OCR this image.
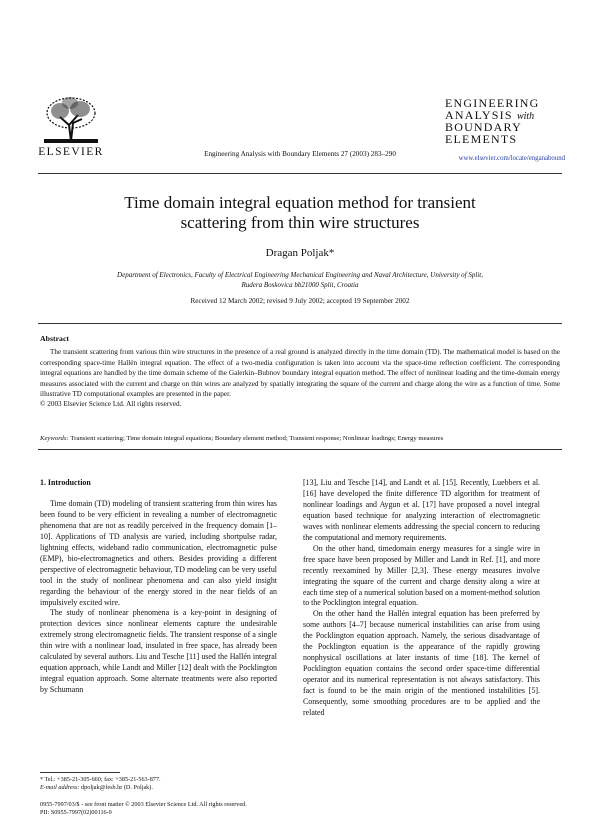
ELSEVIER	Engineering Analysis with Boundary Elements 27 (2003) 283–290
ENGINEERING
ANALYSIS with
BOUNDARY
ELEMENTS
www.elsevier.com/locate/enganabound
Time domain integral equation method for transient
scattering from thin wire structures
Dragan Poljak*
Department of Electronics, Faculty of Electrical Engineering Mechanical Engineering and Naval Architecture, University of Split,
Rudera Boskovica bb21000 Split, Croatia
Received 12 March 2002; revised 9 July 2002; accepted 19 September 2002
Abstract

The transient scattering from various thin wire structures in the presence of a real ground is analyzed directly in the time domain (TD). The mathematical model is based on the corresponding space-time Hallén integral equation. The effect of a two-media configuration is taken into account via the space-time reflection coefficient. The corresponding integral equations are handled by the time domain scheme of the Galerkin–Bubnov boundary integral equation method. The effect of nonlinear loading and the time-domain energy measures associated with the current and charge on thin wires are analyzed by spatially integrating the square of the current and charge along the wire as a function of time. Some illustrative TD computational examples are presented in the paper.

© 2003 Elsevier Science Ltd. All rights reserved.

Keywords: Transient scattering; Time domain integral equations; Boundary element method; Transient response; Nonlinear loadings; Energy measures

1. Introduction

Time domain (TD) modeling of transient scattering from thin wires has been found to be very efficient in revealing a number of electromagnetic phenomena that are not as readily perceived in the frequency domain [1–10]. Applications of TD analysis are varied, including shortpulse radar, lightning effects, wideband radio communication, electromagnetic pulse (EMP), bio-electromagnetics and others. Besides providing a different perspective of electromagnetic behaviour, TD modeling can be very useful tool in the study of nonlinear phenomena and can also yield insight regarding the behaviour of the energy stored in the near fields of an impulsively excited wire.

The study of nonlinear phenomena is a key-point in designing of protection devices since nonlinear elements capture the undesirable extremely strong electromagnetic fields. The transient response of a single thin wire with a nonlinear load, insulated in free space, has already been calculated by several authors. Liu and Tesche [11] used the Hallén integral equation approach, while Landt and Miller [12] dealt with the Pocklington integral equation approach. Some alternate treatments were also reported by Schumann

[13], Liu and Tesche [14], and Landt et al. [15]. Recently, Luebbers et al. [16] have developed the finite difference TD algorithm for treatment of nonlinear loadings and Aygun et al. [17] have proposed a novel integral equation based technique for analyzing interaction of electromagnetic waves with nonlinear elements addressing the special concern to reducing the computational and memory requirements.

On the other hand, timedomain energy measures for a single wire in free space have been proposed by Miller and Landt in Ref. [1], and more recently reexamined by Miller [2,3]. These energy measures involve integrating the square of the current and charge density along a wire at each time step of a numerical solution based on a moment-method solution to the Pocklington integral equation.

On the other hand the Hallén integral equation has been preferred by some authors [4–7] because numerical instabilities can arise from using the Pocklington equation approach. Namely, the serious disadvantage of the Pocklington equation is the appearance of the rapidly growing nonphysical oscillations at later instants of time [18]. The kernel of Pocklington equation contains the second order space-time differential operator and its numerical representation is not always satisfactory. This fact is found to be the main origin of the mentioned instabilities [5]. Consequently, some smoothing procedures are to be applied and the related

* Tel.: +385-21-305-660; fax: +385-21-563-877.
E-mail address: dpoljak@fesb.hr (D. Poljak).
0955-7997/03/$ - see front matter © 2003 Elsevier Science Ltd. All rights reserved.
PII: S0955-7997(02)00116-9
